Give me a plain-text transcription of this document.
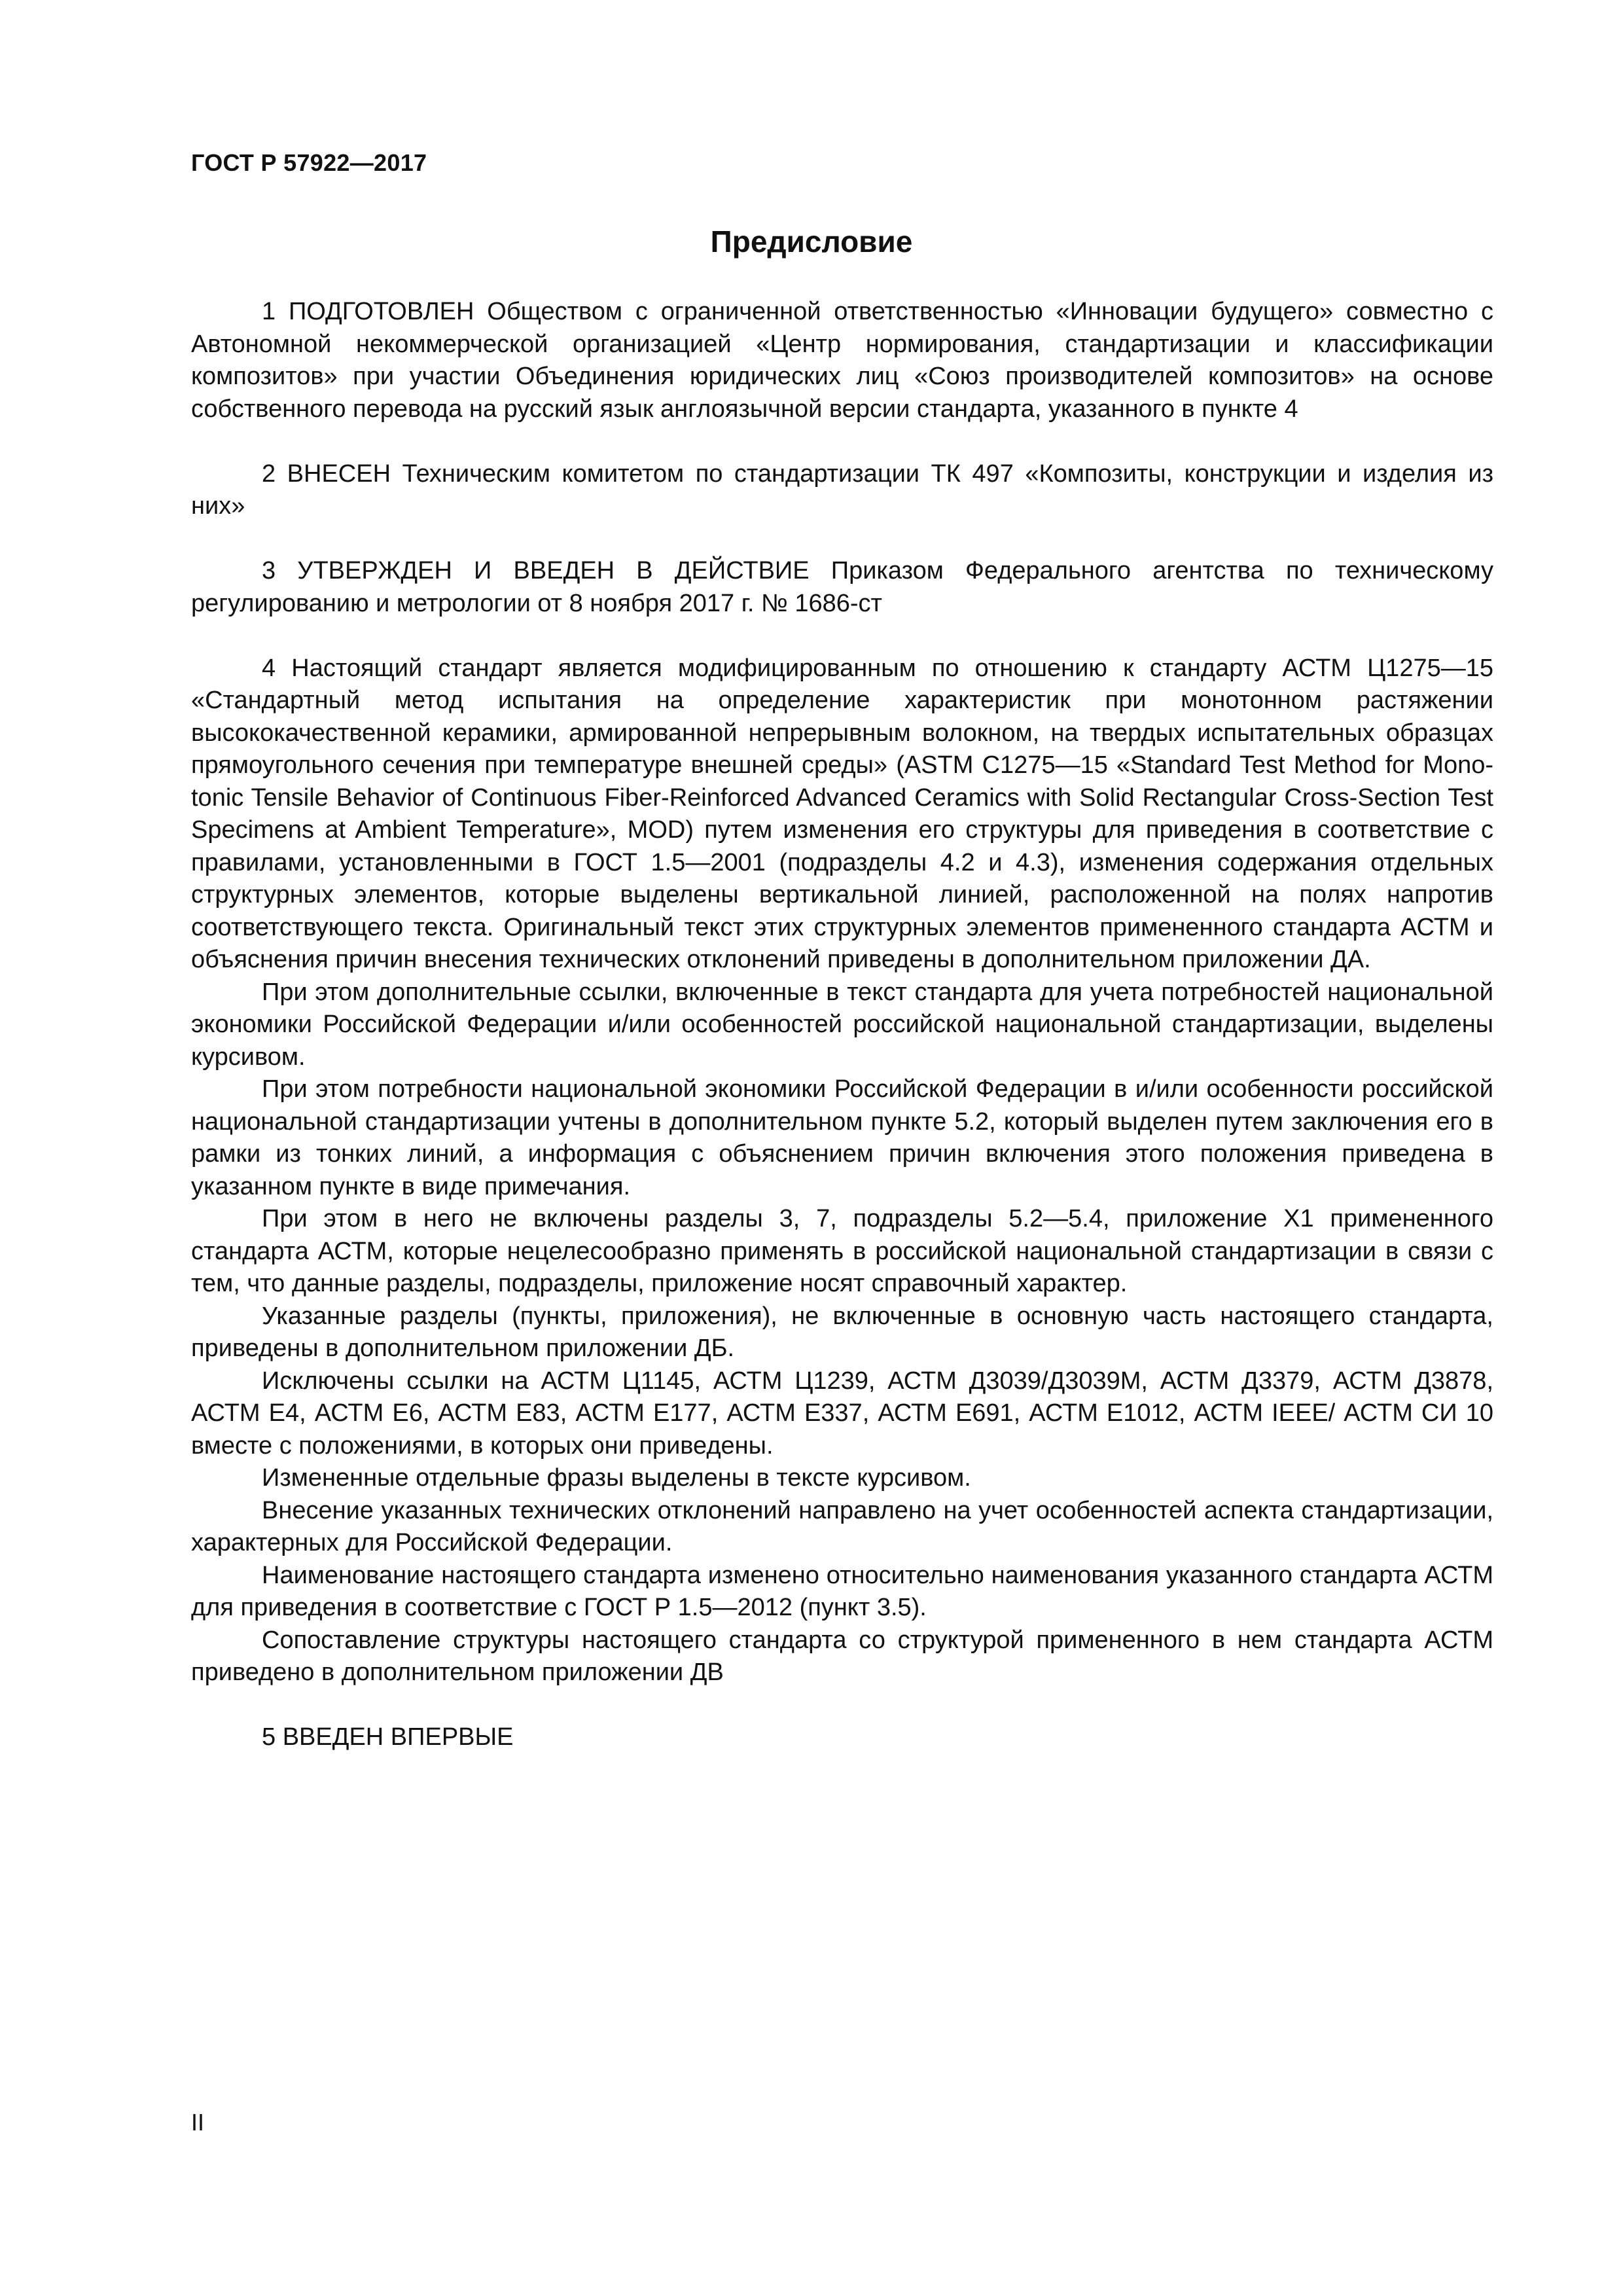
ГОСТ Р 57922—2017
Предисловие

1 ПОДГОТОВЛЕН Обществом с ограниченной ответственностью «Инновации будущего» совместно с Автономной некоммерческой организацией «Центр нормирования, стандартизации и классификации композитов» при участии Объединения юридических лиц «Союз производителей композитов» на основе собственного перевода на русский язык англоязычной версии стандарта, указанного в пункте 4

2 ВНЕСЕН Техническим комитетом по стандартизации ТК 497 «Композиты, конструкции и изделия из них»

3 УТВЕРЖДЕН И ВВЕДЕН В ДЕЙСТВИЕ Приказом Федерального агентства по техническому регулированию и метрологии от 8 ноября 2017 г. № 1686-ст

4 Настоящий стандарт является модифицированным по отношению к стандарту АСТМ Ц1275—15 «Стандартный метод испытания на определение характеристик при монотонном растяжении высококачественной керамики, армированной непрерывным волокном, на твердых испытательных образцах прямоугольного сечения при температуре внешней среды» (ASTM C1275—15 «Standard Test Method for Mono-tonic Tensile Behavior of Continuous Fiber-Reinforced Advanced Ceramics with Solid Rectangular Cross-Section Test Specimens at Ambient Temperature», MOD) путем изменения его структуры для приведения в соответствие с правилами, установленными в ГОСТ 1.5—2001 (подразделы 4.2 и 4.3), изменения содержания отдельных структурных элементов, которые выделены вертикальной линией, расположенной на полях напротив соответствующего текста. Оригинальный текст этих структурных элементов примененного стандарта АСТМ и объяснения причин внесения технических отклонений приведены в дополнительном приложении ДА.

При этом дополнительные ссылки, включенные в текст стандарта для учета потребностей национальной экономики Российской Федерации и/или особенностей российской национальной стандартизации, выделены курсивом.

При этом потребности национальной экономики Российской Федерации в и/или особенности российской национальной стандартизации учтены в дополнительном пункте 5.2, который выделен путем заключения его в рамки из тонких линий, а информация с объяснением причин включения этого положения приведена в указанном пункте в виде примечания.

При этом в него не включены разделы 3, 7, подразделы 5.2—5.4, приложение X1 примененного стандарта АСТМ, которые нецелесообразно применять в российской национальной стандартизации в связи с тем, что данные разделы, подразделы, приложение носят справочный характер.

Указанные разделы (пункты, приложения), не включенные в основную часть настоящего стандарта, приведены в дополнительном приложении ДБ.

Исключены ссылки на АСТМ Ц1145, АСТМ Ц1239, АСТМ Д3039/Д3039М, АСТМ Д3379, АСТМ Д3878, АСТМ Е4, АСТМ Е6, АСТМ Е83, АСТМ Е177, АСТМ Е337, АСТМ Е691, АСТМ Е1012, АСТМ IEEE/ АСТМ СИ 10 вместе с положениями, в которых они приведены.

Измененные отдельные фразы выделены в тексте курсивом.

Внесение указанных технических отклонений направлено на учет особенностей аспекта стандартизации, характерных для Российской Федерации.

Наименование настоящего стандарта изменено относительно наименования указанного стандарта АСТМ для приведения в соответствие с ГОСТ Р 1.5—2012 (пункт 3.5).

Сопоставление структуры настоящего стандарта со структурой примененного в нем стандарта АСТМ приведено в дополнительном приложении ДВ

5 ВВЕДЕН ВПЕРВЫЕ

II
